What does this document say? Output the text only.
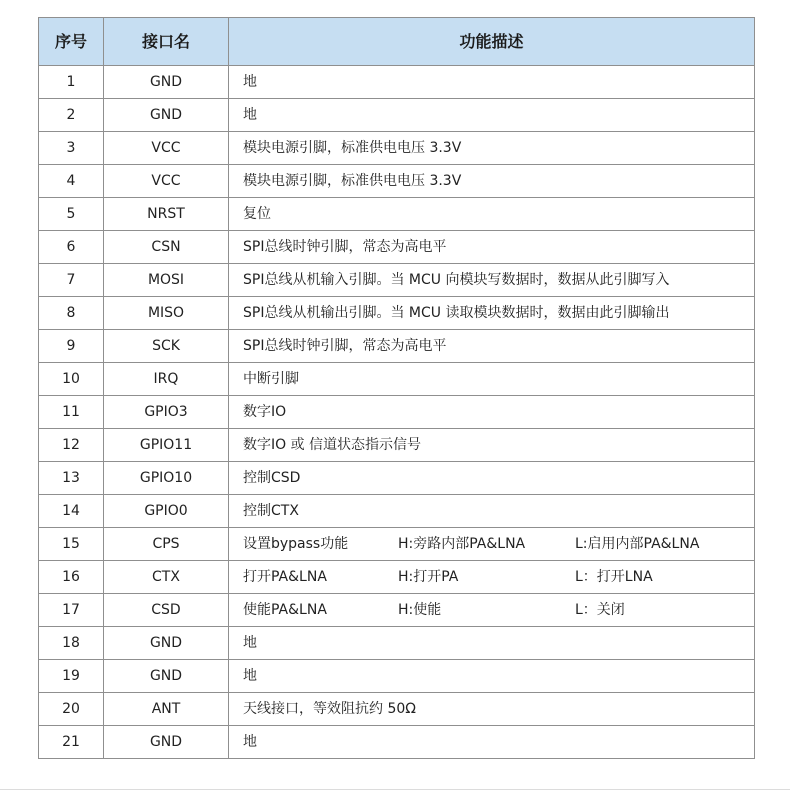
序号	接口名	功能描述
1	GND	地
2	GND	地
3	VCC	模块电源引脚，标准供电电压 3.3V
4	VCC	模块电源引脚，标准供电电压 3.3V
5	NRST	复位
6	CSN	SPI总线时钟引脚，常态为高电平
7	MOSI	SPI总线从机输入引脚。当 MCU 向模块写数据时，数据从此引脚写入
8	MISO	SPI总线从机输出引脚。当 MCU 读取模块数据时，数据由此引脚输出
9	SCK	SPI总线时钟引脚，常态为高电平
10	IRQ	中断引脚
11	GPIO3	数字IO
12	GPIO11	数字IO 或 信道状态指示信号
13	GPIO10	控制CSD
14	GPIO0	控制CTX
15	CPS	设置bypass功能 H:旁路内部PA&LNA L:启用内部PA&LNA
16	CTX	打开PA&LNA H:打开PA L：打开LNA
17	CSD	使能PA&LNA H:使能 L：关闭
18	GND	地
19	GND	地
20	ANT	天线接口，等效阻抗约 50Ω
21	GND	地
